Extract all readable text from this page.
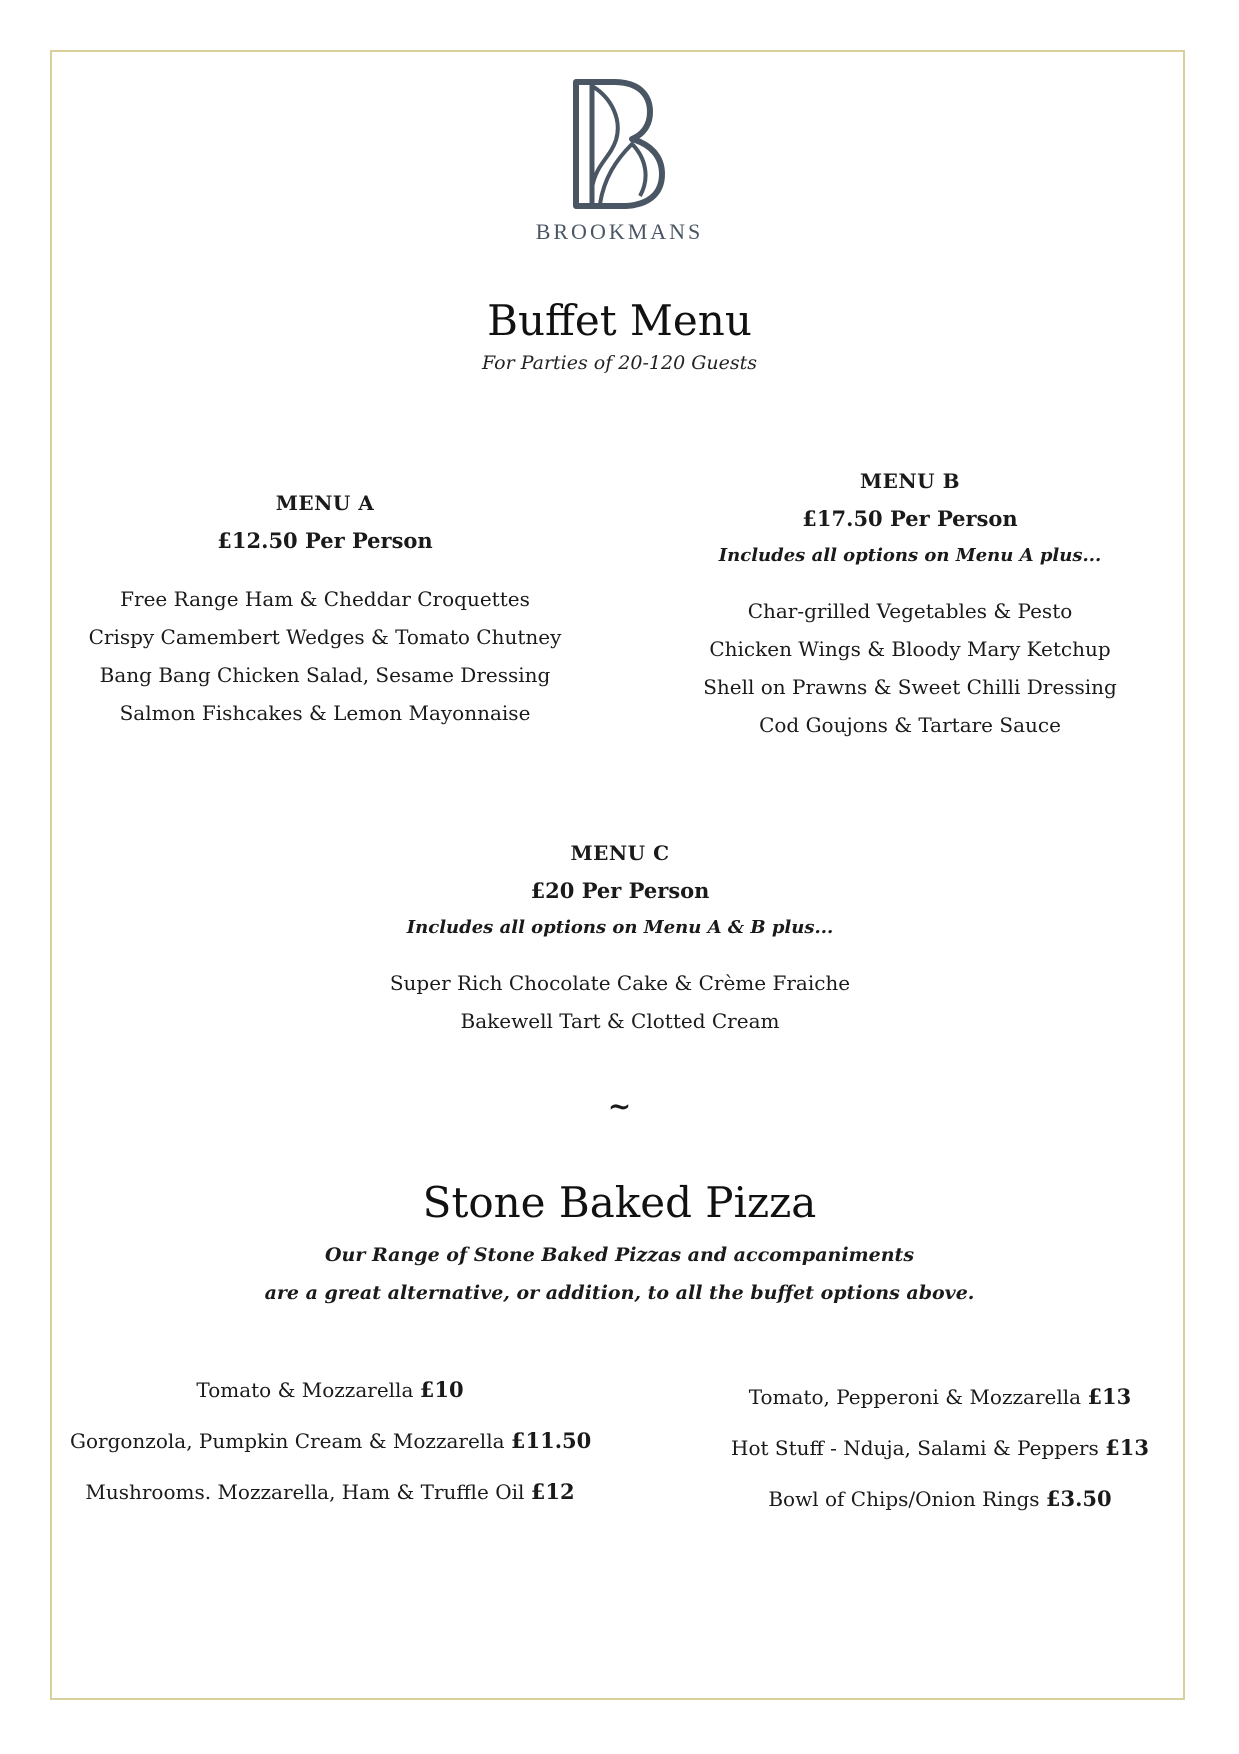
BROOKMANS
Buffet Menu
For Parties of 20-120 Guests
MENU A
£12.50 Per Person
Free Range Ham & Cheddar Croquettes
Crispy Camembert Wedges & Tomato Chutney
Bang Bang Chicken Salad, Sesame Dressing
Salmon Fishcakes & Lemon Mayonnaise
MENU B
£17.50 Per Person
Includes all options on Menu A plus...
Char-grilled Vegetables & Pesto
Chicken Wings & Bloody Mary Ketchup
Shell on Prawns & Sweet Chilli Dressing
Cod Goujons & Tartare Sauce
MENU C
£20 Per Person
Includes all options on Menu A & B plus...
Super Rich Chocolate Cake & Crème Fraiche
Bakewell Tart & Clotted Cream
~
Stone Baked Pizza
Our Range of Stone Baked Pizzas and accompaniments
are a great alternative, or addition, to all the buffet options above.
Tomato & Mozzarella £10
Gorgonzola, Pumpkin Cream & Mozzarella £11.50
Mushrooms. Mozzarella, Ham & Truffle Oil £12
Tomato, Pepperoni & Mozzarella £13
Hot Stuff - Nduja, Salami & Peppers £13
Bowl of Chips/Onion Rings £3.50
